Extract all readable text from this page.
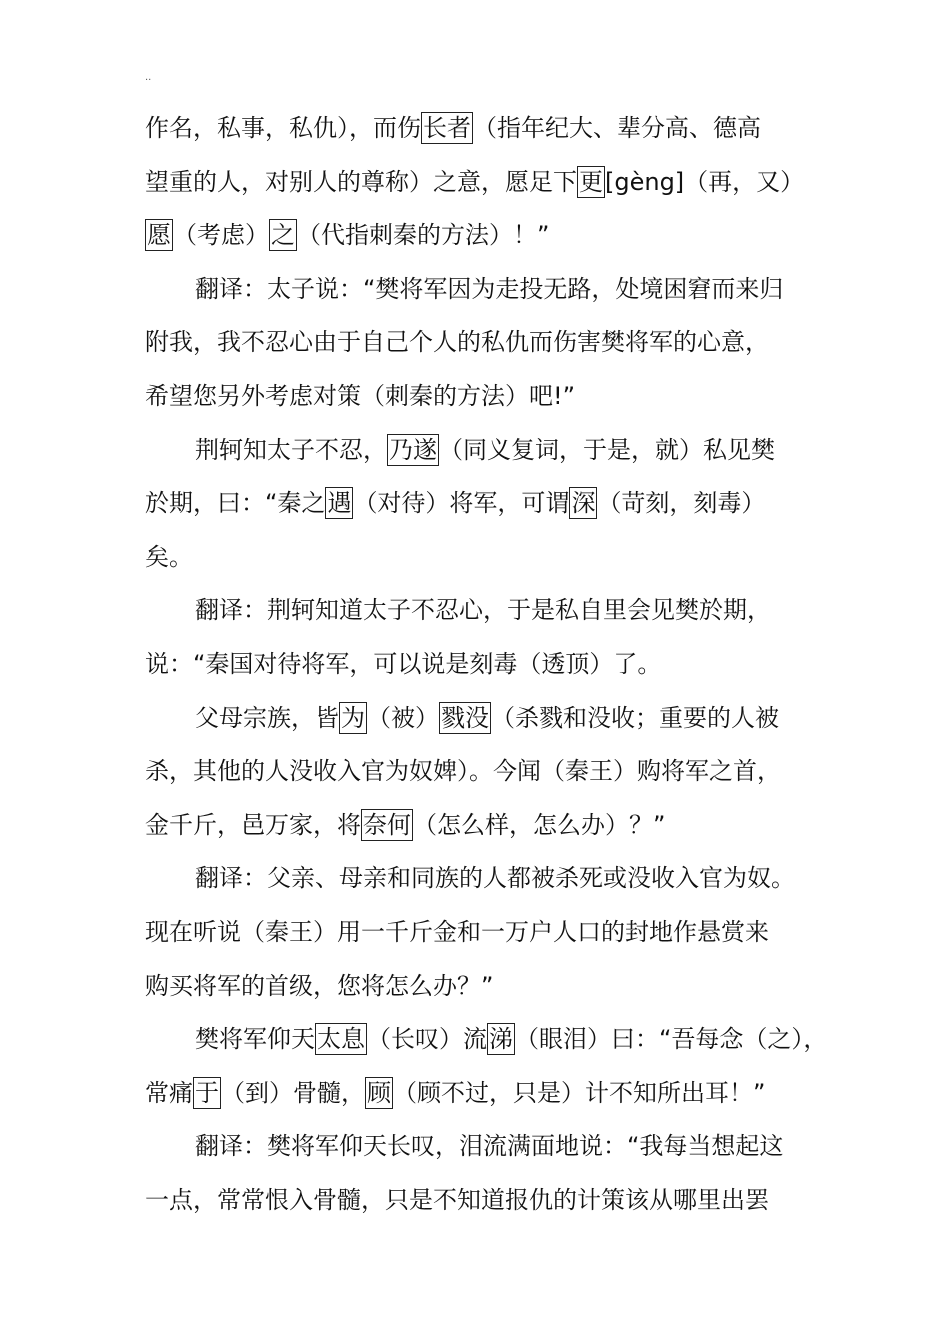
..
作名，私事，私仇），而伤长者（指年纪大、辈分高、德高
望重的人，对别人的尊称）之意，愿足下更[gèng]（再，又）
愿（考虑）之（代指刺秦的方法）！”
翻译：太子说：“樊将军因为走投无路，处境困窘而来归
附我，我不忍心由于自己个人的私仇而伤害樊将军的心意，
希望您另外考虑对策（刺秦的方法）吧!”
荆轲知太子不忍，乃遂（同义复词，于是，就）私见樊
於期，曰：“秦之遇（对待）将军，可谓深（苛刻，刻毒）
矣。
翻译：荆轲知道太子不忍心，于是私自里会见樊於期，
说：“秦国对待将军，可以说是刻毒（透顶）了。
父母宗族，皆为（被）戮没（杀戮和没收；重要的人被
杀，其他的人没收入官为奴婢）。今闻（秦王）购将军之首，
金千斤，邑万家，将奈何（怎么样，怎么办）？”
翻译：父亲、母亲和同族的人都被杀死或没收入官为奴。
现在听说（秦王）用一千斤金和一万户人口的封地作悬赏来
购买将军的首级，您将怎么办？”
樊将军仰天太息（长叹）流涕（眼泪）曰：“吾每念（之），
常痛于（到）骨髓，顾（顾不过，只是）计不知所出耳！”
翻译：樊将军仰天长叹，泪流满面地说：“我每当想起这
一点，常常恨入骨髓，只是不知道报仇的计策该从哪里出罢
